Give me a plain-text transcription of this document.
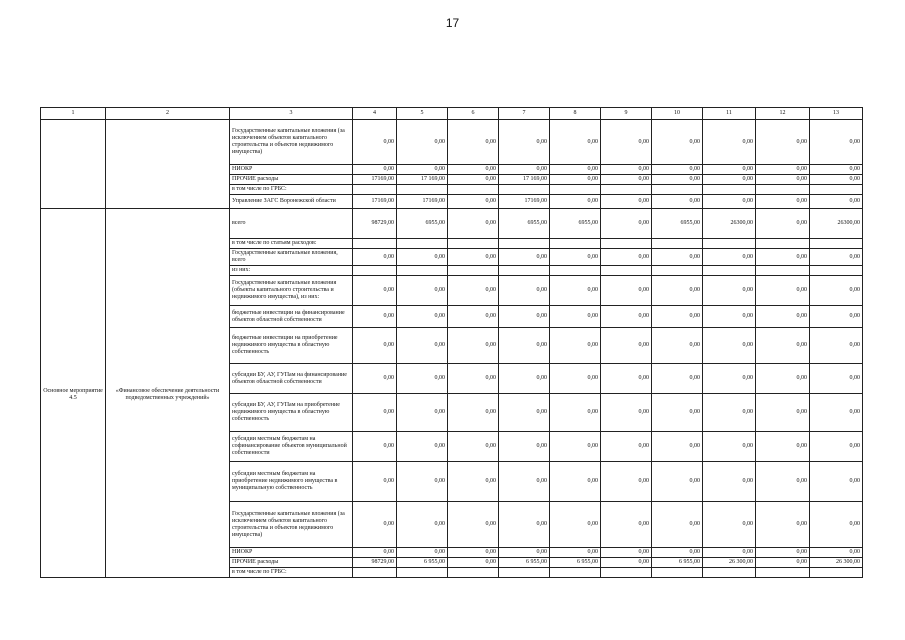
17
1	2	3	4	5	6	7	8	9	10	11	12	13
		Государственные капитальные вложения (за исключением объектов капитального строительства и объектов недвижимого имущества)	0,00	0,00	0,00	0,00	0,00	0,00	0,00	0,00	0,00	0,00
		НИОКР	0,00	0,00	0,00	0,00	0,00	0,00	0,00	0,00	0,00	0,00
		ПРОЧИЕ расходы	17169,00	17 169,00	0,00	17 169,00	0,00	0,00	0,00	0,00	0,00	0,00
		в том числе по ГРБС:										
		Управление ЗАГС Воронежской области	17169,00	17169,00	0,00	17169,00	0,00	0,00	0,00	0,00	0,00	0,00

Основное мероприятие 4.5	«Финансовое обеспечение деятельности подведомственных учреждений»	всего	98729,00	6955,00	0,00	6955,00	6955,00	0,00	6955,00	26300,00	0,00	26300,00
		в том числе по статьям расходов:										
		Государственные капитальные вложения, всего	0,00	0,00	0,00	0,00	0,00	0,00	0,00	0,00	0,00	0,00
		из них:										
		Государственные капитальные вложения (объекты капитального строительства и недвижимого имущества), из них:	0,00	0,00	0,00	0,00	0,00	0,00	0,00	0,00	0,00	0,00
		бюджетные инвестиции на финансирование объектов областной собственности	0,00	0,00	0,00	0,00	0,00	0,00	0,00	0,00	0,00	0,00
		бюджетные инвестиции на приобретение недвижимого имущества в областную собственность	0,00	0,00	0,00	0,00	0,00	0,00	0,00	0,00	0,00	0,00
		субсидии БУ, АУ, ГУПам на финансирование объектов областной собственности	0,00	0,00	0,00	0,00	0,00	0,00	0,00	0,00	0,00	0,00
		субсидии БУ, АУ, ГУПам на приобретение недвижимого имущества в областную собственность	0,00	0,00	0,00	0,00	0,00	0,00	0,00	0,00	0,00	0,00
		субсидии местным бюджетам на софинансирование объектов муниципальной собственности	0,00	0,00	0,00	0,00	0,00	0,00	0,00	0,00	0,00	0,00
		субсидии местным бюджетам на приобретение недвижимого имущества в муниципальную собственность	0,00	0,00	0,00	0,00	0,00	0,00	0,00	0,00	0,00	0,00
		Государственные капитальные вложения (за исключением объектов капитального строительства и объектов недвижимого имущества)	0,00	0,00	0,00	0,00	0,00	0,00	0,00	0,00	0,00	0,00
		НИОКР	0,00	0,00	0,00	0,00	0,00	0,00	0,00	0,00	0,00	0,00
		ПРОЧИЕ расходы	98729,00	6 955,00	0,00	6 955,00	6 955,00	0,00	6 955,00	26 300,00	0,00	26 300,00
		в том числе по ГРБС:										
